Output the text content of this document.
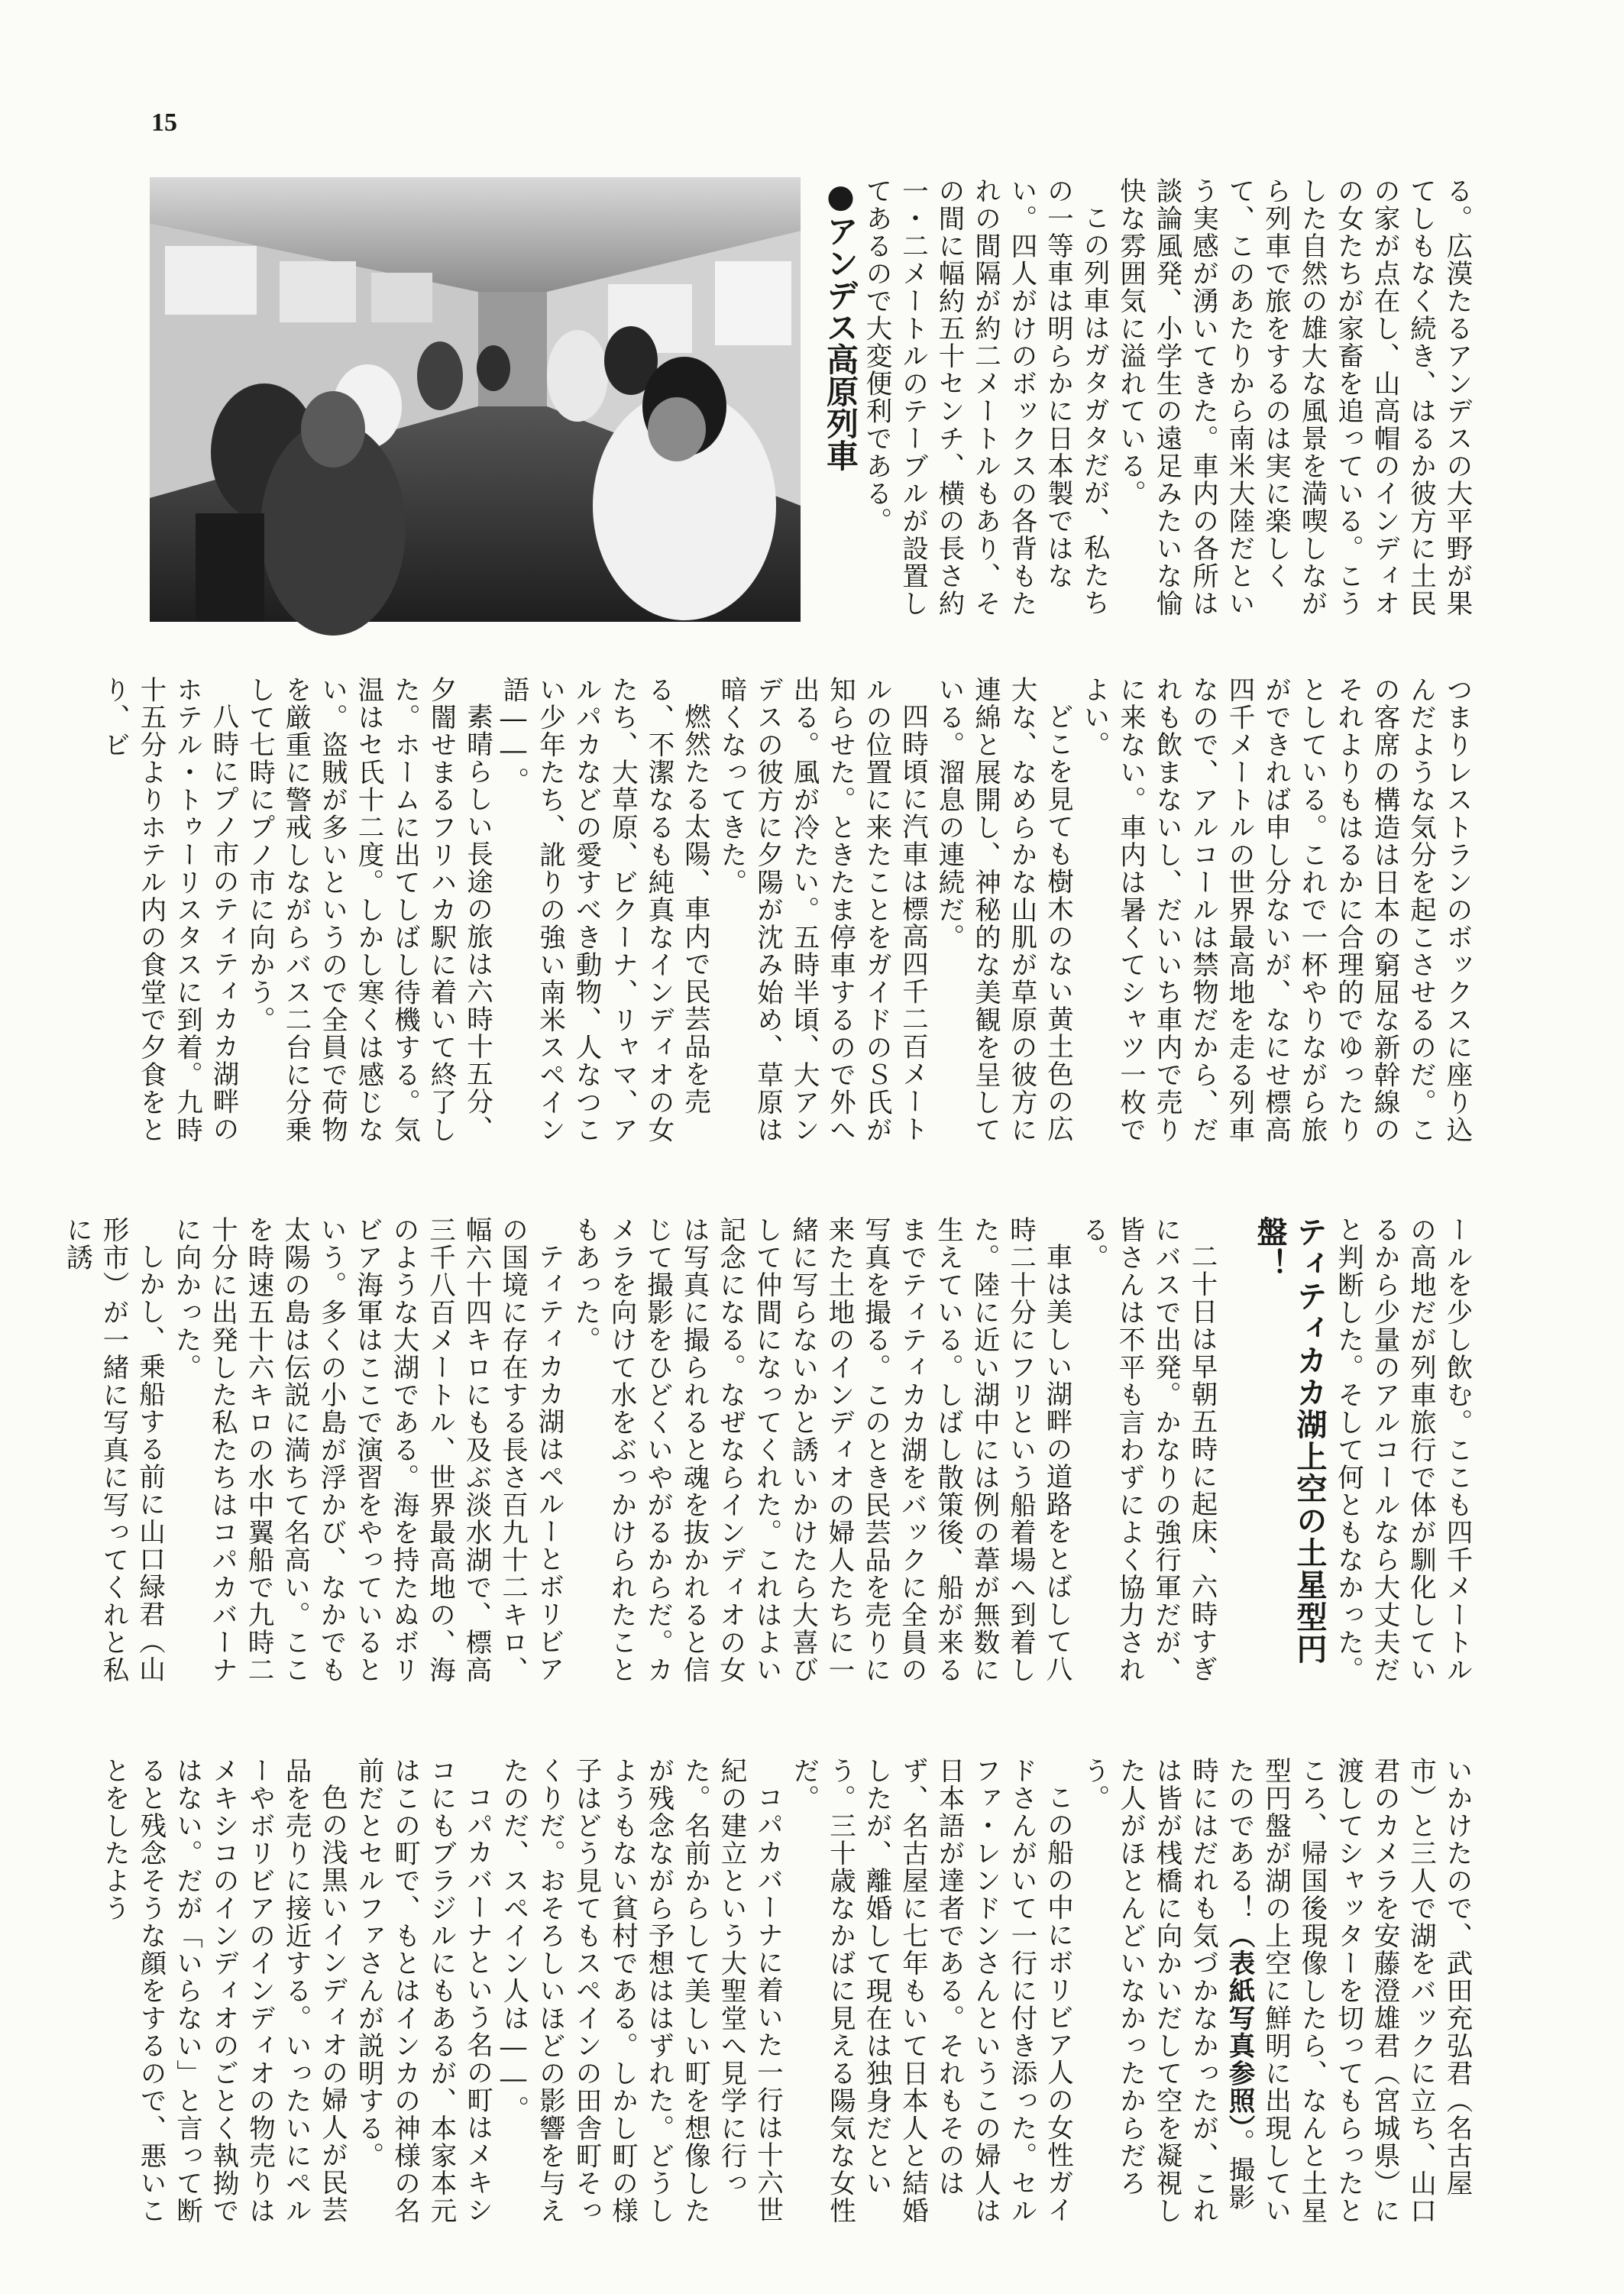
15
●アンデス高原列車	る。広漠たるアンデスの大平野が果てしもなく続き、はるか彼方に土民の家が点在し、山高帽のインディオの女たちが家畜を追っている。こうした自然の雄大な風景を満喫しながら列車で旅をするのは実に楽しくて、このあたりから南米大陸だという実感が湧いてきた。車内の各所は談論風発、小学生の遠足みたいな愉快な雰囲気に溢れている。

この列車はガタガタだが、私たちの一等車は明らかに日本製ではない。四人がけのボックスの各背もたれの間隔が約二メートルもあり、その間に幅約五十センチ、横の長さ約一・二メートルのテーブルが設置してあるので大変便利である。

つまりレストランのボックスに座り込んだような気分を起こさせるのだ。この客席の構造は日本の窮屈な新幹線のそれよりもはるかに合理的でゆったりとしている。これで一杯やりながら旅ができれば申し分ないが、なにせ標高四千メートルの世界最高地を走る列車なので、アルコールは禁物だから、だれも飲まないし、だいいち車内で売りに来ない。車内は暑くてシャツ一枚でよい。

どこを見ても樹木のない黄土色の広大な、なめらかな山肌が草原の彼方に連綿と展開し、神秘的な美観を呈している。溜息の連続だ。

四時頃に汽車は標高四千二百メートルの位置に来たことをガイドのＳ氏が知らせた。ときたま停車するので外へ出る。風が冷たい。五時半頃、大アンデスの彼方に夕陽が沈み始め、草原は暗くなってきた。

燃然たる太陽、車内で民芸品を売る、不潔なるも純真なインディオの女たち、大草原、ビクーナ、リャマ、アルパカなどの愛すべき動物、人なつこい少年たち、訛りの強い南米スペイン語――。

素晴らしい長途の旅は六時十五分、夕闇せまるフリハカ駅に着いて終了した。ホームに出てしばし待機する。気温はセ氏十二度。しかし寒くは感じない。盗賊が多いというので全員で荷物を厳重に警戒しながらバス二台に分乗して七時にプノ市に向かう。

八時にプノ市のティティカカ湖畔のホテル・トゥーリスタスに到着。九時十五分よりホテル内の食堂で夕食をとり、ビ

ールを少し飲む。ここも四千メートルの高地だが列車旅行で体が馴化しているから少量のアルコールなら大丈夫だと判断した。そして何ともなかった。

ティティカカ湖上空の土星型円盤！

二十日は早朝五時に起床、六時すぎにバスで出発。かなりの強行軍だが、皆さんは不平も言わずによく協力される。

車は美しい湖畔の道路をとばして八時二十分にフリという船着場へ到着した。陸に近い湖中には例の葦が無数に生えている。しばし散策後、船が来るまでティティカカ湖をバックに全員の写真を撮る。このとき民芸品を売りに来た土地のインディオの婦人たちに一緒に写らないかと誘いかけたら大喜びして仲間になってくれた。これはよい記念になる。なぜならインディオの女は写真に撮られると魂を抜かれると信じて撮影をひどくいやがるからだ。カメラを向けて水をぶっかけられたこともあった。

ティティカカ湖はペルーとボリビアの国境に存在する長さ百九十二キロ、幅六十四キロにも及ぶ淡水湖で、標高三千八百メートル、世界最高地の、海のような大湖である。海を持たぬボリビア海軍はここで演習をやっているという。多くの小島が浮かび、なかでも太陽の島は伝説に満ちて名高い。ここを時速五十六キロの水中翼船で九時二十分に出発した私たちはコパカバーナに向かった。

しかし、乗船する前に山口緑君（山形市）が一緒に写真に写ってくれと私に誘

いかけたので、武田充弘君（名古屋市）と三人で湖をバックに立ち、山口君のカメラを安藤澄雄君（宮城県）に渡してシャッターを切ってもらったところ、帰国後現像したら、なんと土星型円盤が湖の上空に鮮明に出現していたのである！（表紙写真参照）。撮影時にはだれも気づかなかったが、これは皆が桟橋に向かいだして空を凝視した人がほとんどいなかったからだろう。

この船の中にボリビア人の女性ガイドさんがいて一行に付き添った。セルファ・レンドンさんというこの婦人は日本語が達者である。それもそのはず、名古屋に七年もいて日本人と結婚したが、離婚して現在は独身だという。三十歳なかばに見える陽気な女性だ。

コパカバーナに着いた一行は十六世紀の建立という大聖堂へ見学に行った。名前からして美しい町を想像したが残念ながら予想ははずれた。どうしようもない貧村である。しかし町の様子はどう見てもスペインの田舎町そっくりだ。おそろしいほどの影響を与えたのだ、スペイン人は――。

コパカバーナという名の町はメキシコにもブラジルにもあるが、本家本元はこの町で、もとはインカの神様の名前だとセルファさんが説明する。

色の浅黒いインディオの婦人が民芸品を売りに接近する。いったいにペルーやボリビアのインディオの物売りはメキシコのインディオのごとく執拗ではない。だが「いらない」と言って断ると残念そうな顔をするので、悪いことをしたよう
